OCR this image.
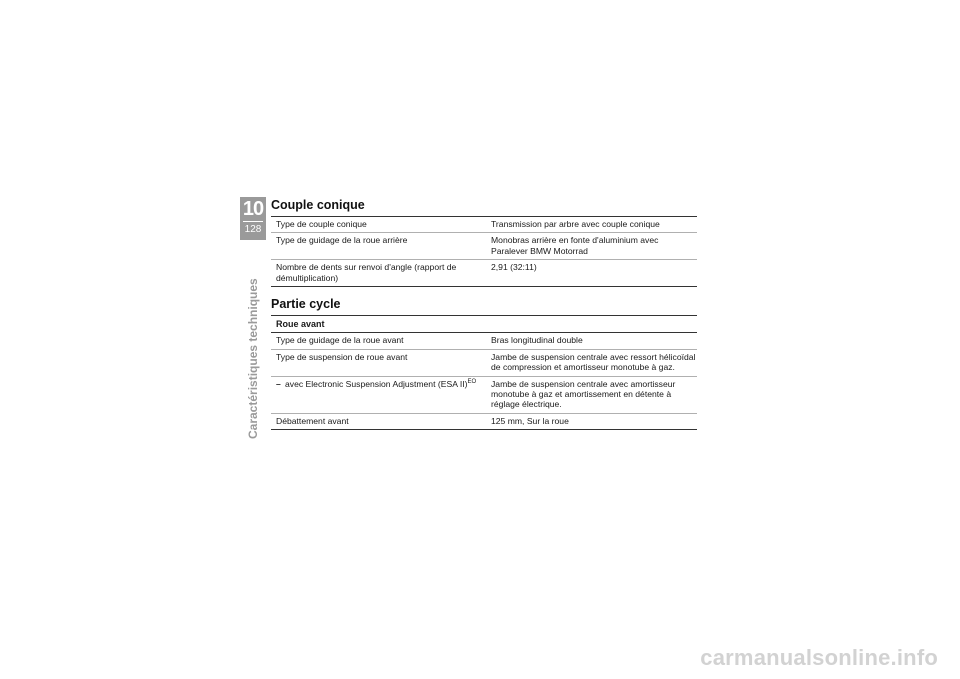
10
128
Caractéristiques techniques
Couple conique
Type de couple conique	Transmission par arbre avec couple conique
Type de guidage de la roue arrière	Monobras arrière en fonte d'aluminium avec Paralever BMW Motorrad
Nombre de dents sur renvoi d'angle (rapport de démultiplication)	2,91 (32:11)
Partie cycle
Roue avant	
Type de guidage de la roue avant	Bras longitudinal double
Type de suspension de roue avant	Jambe de suspension centrale avec ressort hélicoïdal de compression et amortisseur monotube à gaz.
– avec Electronic Suspension Adjustment (ESA II)$^{EO}$	Jambe de suspension centrale avec amortisseur monotube à gaz et amortissement en détente à réglage électrique.
Débattement avant	125 mm, Sur la roue
carmanualsonline.info
